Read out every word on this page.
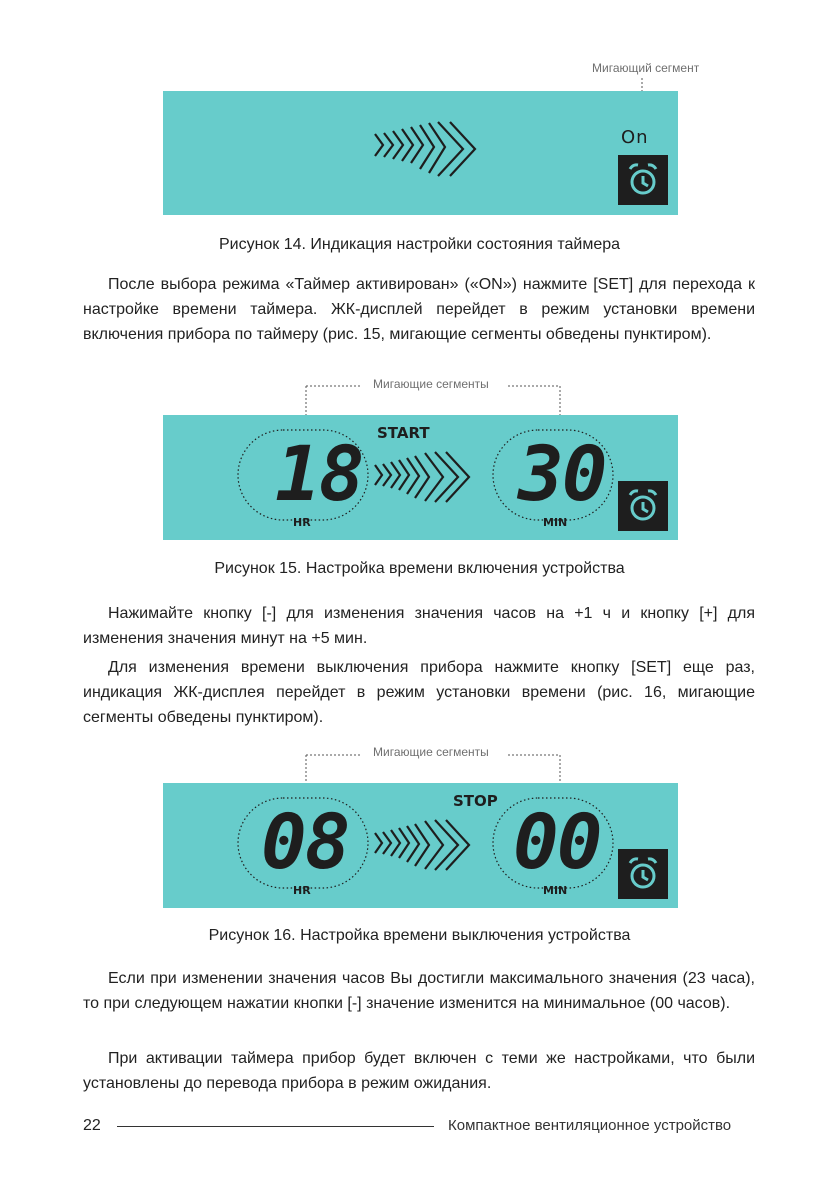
Мигающий сегмент
On
Рисунок 14. Индикация настройки состояния таймера

После выбора режима «Таймер активирован» («ON») нажмите [SET] для перехода к настройке времени таймера. ЖК-дисплей перейдет в режим установки времени включения прибора по таймеру (рис. 15, мигающие сегменты обведены пунктиром).

Мигающие сегменты
START
18 30
HR	MIN
Рисунок 15. Настройка времени включения устройства

Нажимайте кнопку [-] для изменения значения часов на +1 ч и кнопку [+] для изменения значения минут на +5 мин.

Для изменения времени выключения прибора нажмите кнопку [SET] еще раз, индикация ЖК-дисплея перейдет в режим установки времени (рис. 16, мигающие сегменты обведены пунктиром).

Мигающие сегменты
STOP
08 00
HR	MIN
Рисунок 16. Настройка времени выключения устройства

Если при изменении значения часов Вы достигли максимального значения (23 часа), то при следующем нажатии кнопки [-] значение изменится на минимальное (00 часов).

При активации таймера прибор будет включен с теми же настройками, что были установлены до перевода прибора в режим ожидания.

22	Компактное вентиляционное устройство
